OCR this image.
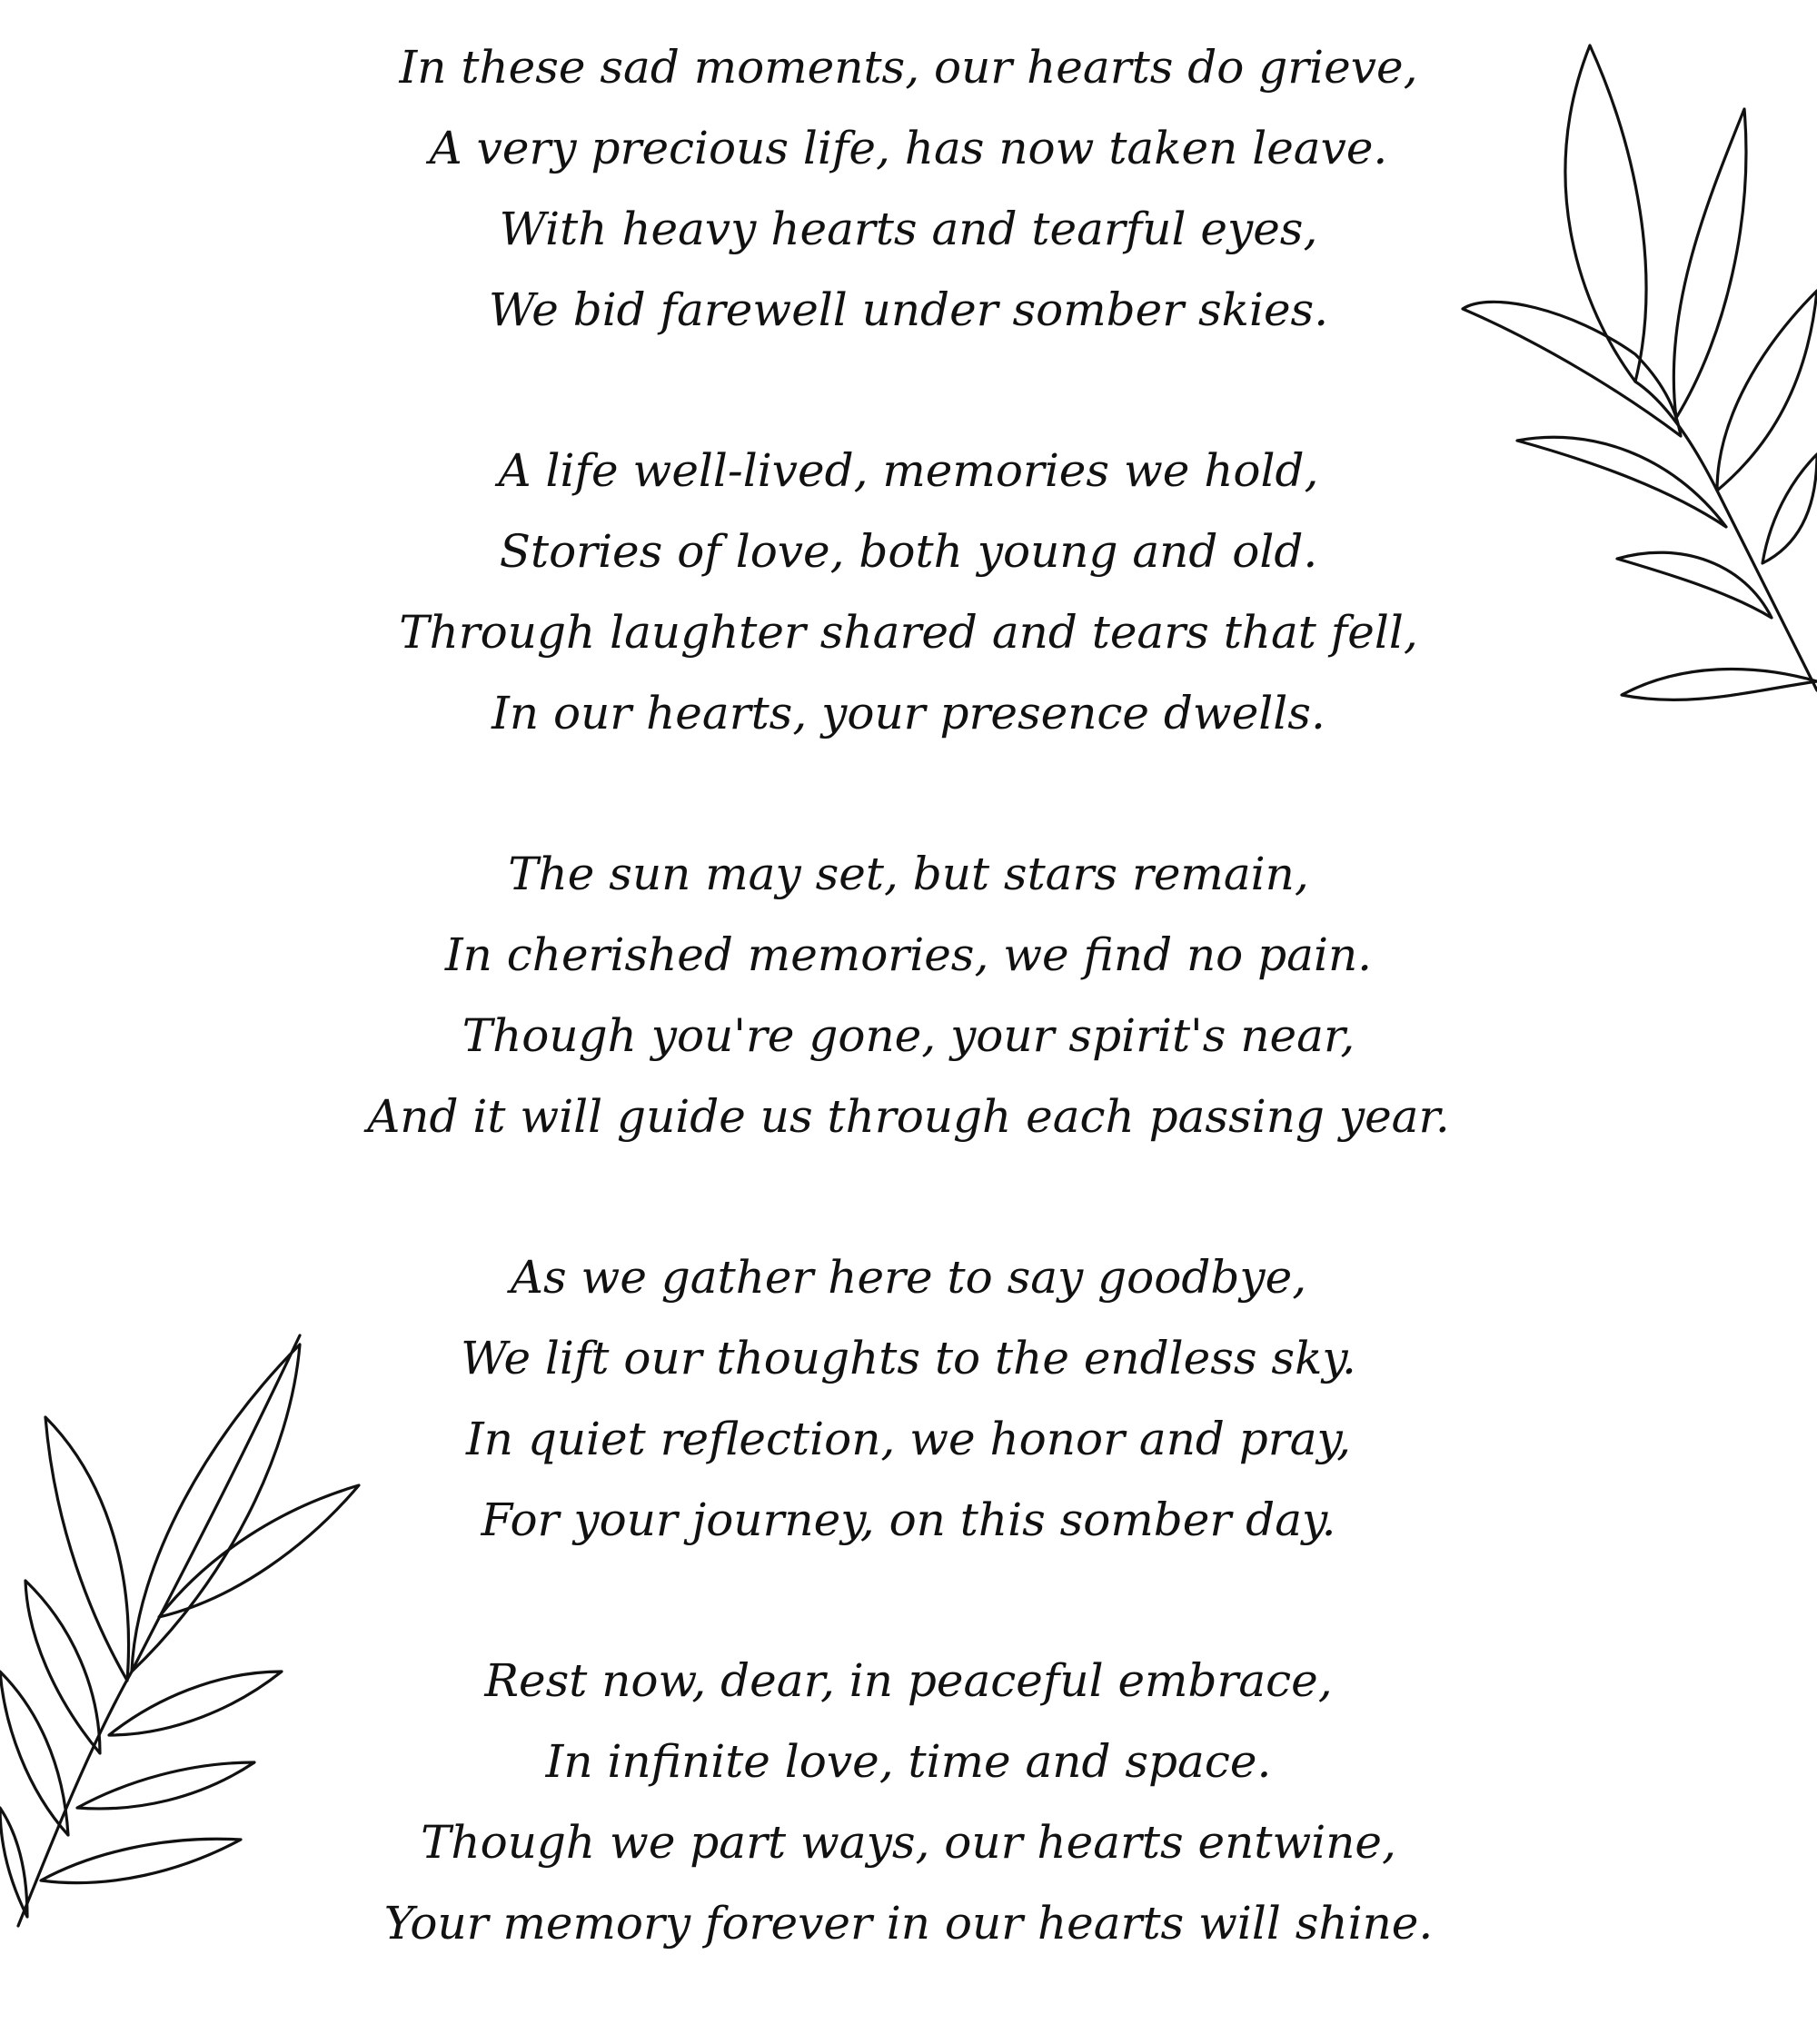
In these sad moments, our hearts do grieve,
A very precious life, has now taken leave.
With heavy hearts and tearful eyes,
We bid farewell under somber skies.
A life well-lived, memories we hold,
Stories of love, both young and old.
Through laughter shared and tears that fell,
In our hearts, your presence dwells.
The sun may set, but stars remain,
In cherished memories, we find no pain.
Though you're gone, your spirit's near,
And it will guide us through each passing year.
As we gather here to say goodbye,
We lift our thoughts to the endless sky.
In quiet reflection, we honor and pray,
For your journey, on this somber day.
Rest now, dear, in peaceful embrace,
In infinite love, time and space.
Though we part ways, our hearts entwine,
Your memory forever in our hearts will shine.
